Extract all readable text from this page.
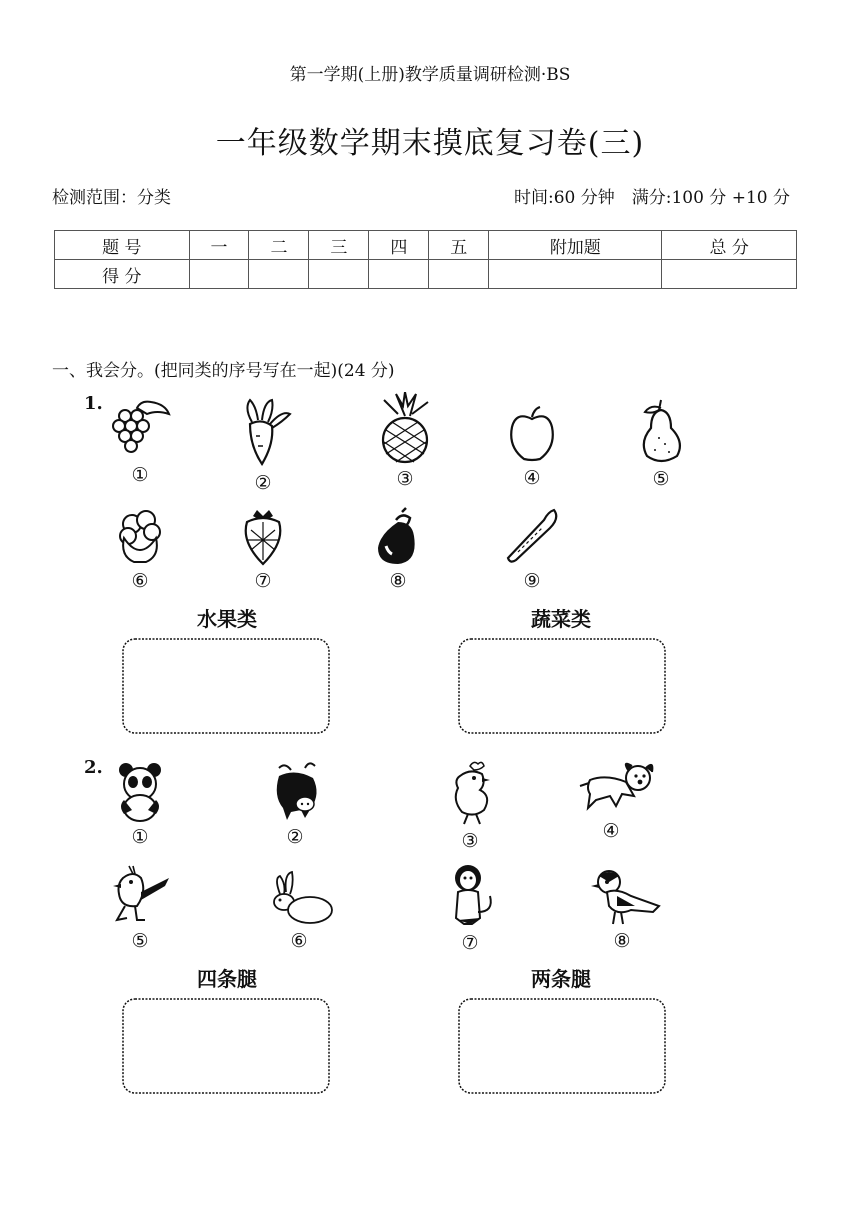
第一学期(上册)教学质量调研检测·BS
一年级数学期末摸底复习卷(三)
检测范围：分类	时间:60 分钟　满分:100 分 +10 分
题 号	一	二	三	四	五	附加题	总 分
得 分							
一、我会分。(把同类的序号写在一起)(24 分)
1.
①	②	③	④	⑤
⑥	⑦	⑧	⑨
水果类	蔬菜类
2.
①	②	③	④
⑤	⑥	⑦	⑧
四条腿	两条腿
